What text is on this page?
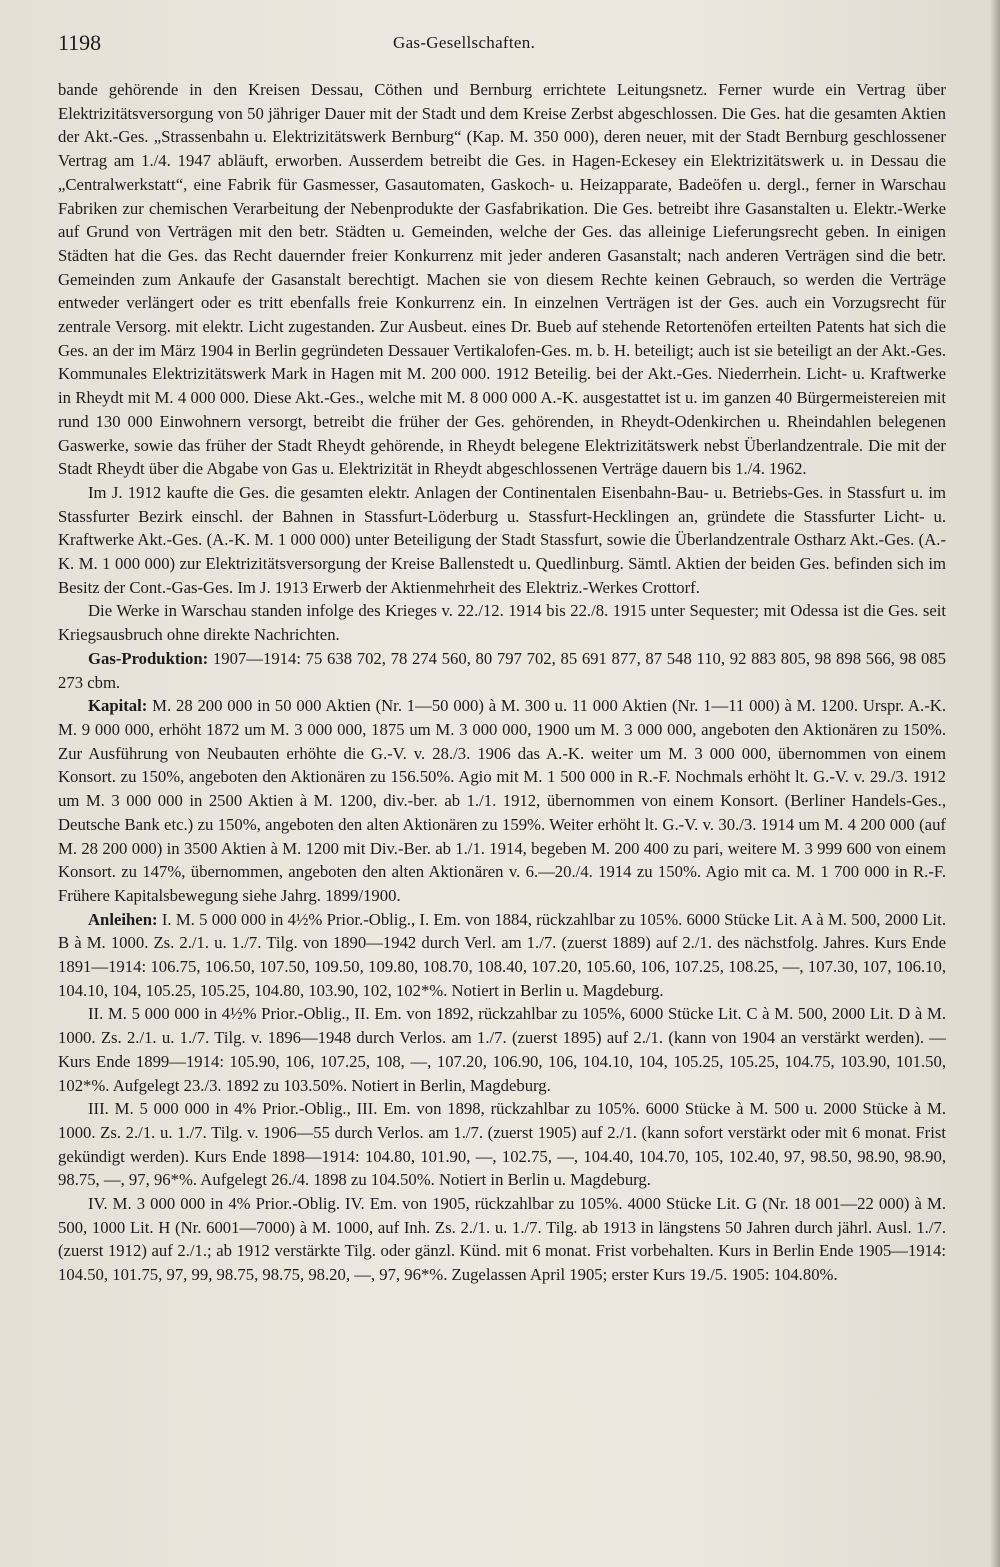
1198	Gas-Gesellschaften.

bande gehörende in den Kreisen Dessau, Cöthen und Bernburg errichtete Leitungsnetz. Ferner wurde ein Vertrag über Elektrizitätsversorgung von 50 jähriger Dauer mit der Stadt und dem Kreise Zerbst abgeschlossen. Die Ges. hat die gesamten Aktien der Akt.-Ges. „Strassenbahn u. Elektrizitätswerk Bernburg“ (Kap. M. 350 000), deren neuer, mit der Stadt Bernburg geschlossener Vertrag am 1./4. 1947 abläuft, erworben. Ausserdem betreibt die Ges. in Hagen-Eckesey ein Elektrizitätswerk u. in Dessau die „Centralwerkstatt“, eine Fabrik für Gasmesser, Gasautomaten, Gaskoch- u. Heizapparate, Badeöfen u. dergl., ferner in Warschau Fabriken zur chemischen Verarbeitung der Nebenprodukte der Gasfabrikation. Die Ges. betreibt ihre Gasanstalten u. Elektr.-Werke auf Grund von Verträgen mit den betr. Städten u. Gemeinden, welche der Ges. das alleinige Lieferungsrecht geben. In einigen Städten hat die Ges. das Recht dauernder freier Konkurrenz mit jeder anderen Gasanstalt; nach anderen Verträgen sind die betr. Gemeinden zum Ankaufe der Gasanstalt berechtigt. Machen sie von diesem Rechte keinen Gebrauch, so werden die Verträge entweder verlängert oder es tritt ebenfalls freie Konkurrenz ein. In einzelnen Verträgen ist der Ges. auch ein Vorzugsrecht für zentrale Versorg. mit elektr. Licht zugestanden. Zur Ausbeut. eines Dr. Bueb auf stehende Retortenöfen erteilten Patents hat sich die Ges. an der im März 1904 in Berlin gegründeten Dessauer Vertikalofen-Ges. m. b. H. beteiligt; auch ist sie beteiligt an der Akt.-Ges. Kommunales Elektrizitätswerk Mark in Hagen mit M. 200 000. 1912 Beteilig. bei der Akt.-Ges. Niederrhein. Licht- u. Kraftwerke in Rheydt mit M. 4 000 000. Diese Akt.-Ges., welche mit M. 8 000 000 A.-K. ausgestattet ist u. im ganzen 40 Bürgermeistereien mit rund 130 000 Einwohnern versorgt, betreibt die früher der Ges. gehörenden, in Rheydt-Odenkirchen u. Rheindahlen belegenen Gaswerke, sowie das früher der Stadt Rheydt gehörende, in Rheydt belegene Elektrizitätswerk nebst Überlandzentrale. Die mit der Stadt Rheydt über die Abgabe von Gas u. Elektrizität in Rheydt abgeschlossenen Verträge dauern bis 1./4. 1962.

Im J. 1912 kaufte die Ges. die gesamten elektr. Anlagen der Continentalen Eisenbahn-Bau- u. Betriebs-Ges. in Stassfurt u. im Stassfurter Bezirk einschl. der Bahnen in Stassfurt-Löderburg u. Stassfurt-Hecklingen an, gründete die Stassfurter Licht- u. Kraftwerke Akt.-Ges. (A.-K. M. 1 000 000) unter Beteiligung der Stadt Stassfurt, sowie die Überlandzentrale Ostharz Akt.-Ges. (A.-K. M. 1 000 000) zur Elektrizitätsversorgung der Kreise Ballenstedt u. Quedlinburg. Sämtl. Aktien der beiden Ges. befinden sich im Besitz der Cont.-Gas-Ges. Im J. 1913 Erwerb der Aktienmehrheit des Elektriz.-Werkes Crottorf.

Die Werke in Warschau standen infolge des Krieges v. 22./12. 1914 bis 22./8. 1915 unter Sequester; mit Odessa ist die Ges. seit Kriegsausbruch ohne direkte Nachrichten.

Gas-Produktion: 1907—1914: 75 638 702, 78 274 560, 80 797 702, 85 691 877, 87 548 110, 92 883 805, 98 898 566, 98 085 273 cbm.

Kapital: M. 28 200 000 in 50 000 Aktien (Nr. 1—50 000) à M. 300 u. 11 000 Aktien (Nr. 1—11 000) à M. 1200. Urspr. A.-K. M. 9 000 000, erhöht 1872 um M. 3 000 000, 1875 um M. 3 000 000, 1900 um M. 3 000 000, angeboten den Aktionären zu 150%. Zur Ausführung von Neubauten erhöhte die G.-V. v. 28./3. 1906 das A.-K. weiter um M. 3 000 000, übernommen von einem Konsort. zu 150%, angeboten den Aktionären zu 156.50%. Agio mit M. 1 500 000 in R.-F. Nochmals erhöht lt. G.-V. v. 29./3. 1912 um M. 3 000 000 in 2500 Aktien à M. 1200, div.-ber. ab 1./1. 1912, übernommen von einem Konsort. (Berliner Handels-Ges., Deutsche Bank etc.) zu 150%, angeboten den alten Aktionären zu 159%. Weiter erhöht lt. G.-V. v. 30./3. 1914 um M. 4 200 000 (auf M. 28 200 000) in 3500 Aktien à M. 1200 mit Div.-Ber. ab 1./1. 1914, begeben M. 200 400 zu pari, weitere M. 3 999 600 von einem Konsort. zu 147%, übernommen, angeboten den alten Aktionären v. 6.—20./4. 1914 zu 150%. Agio mit ca. M. 1 700 000 in R.-F. Frühere Kapitalsbewegung siehe Jahrg. 1899/1900.

Anleihen: I. M. 5 000 000 in 4½% Prior.-Oblig., I. Em. von 1884, rückzahlbar zu 105%. 6000 Stücke Lit. A à M. 500, 2000 Lit. B à M. 1000. Zs. 2./1. u. 1./7. Tilg. von 1890—1942 durch Verl. am 1./7. (zuerst 1889) auf 2./1. des nächstfolg. Jahres. Kurs Ende 1891—1914: 106.75, 106.50, 107.50, 109.50, 109.80, 108.70, 108.40, 107.20, 105.60, 106, 107.25, 108.25, —, 107.30, 107, 106.10, 104.10, 104, 105.25, 105.25, 104.80, 103.90, 102, 102*%. Notiert in Berlin u. Magdeburg.

II. M. 5 000 000 in 4½% Prior.-Oblig., II. Em. von 1892, rückzahlbar zu 105%, 6000 Stücke Lit. C à M. 500, 2000 Lit. D à M. 1000. Zs. 2./1. u. 1./7. Tilg. v. 1896—1948 durch Verlos. am 1./7. (zuerst 1895) auf 2./1. (kann von 1904 an verstärkt werden). — Kurs Ende 1899—1914: 105.90, 106, 107.25, 108, —, 107.20, 106.90, 106, 104.10, 104, 105.25, 105.25, 104.75, 103.90, 101.50, 102*%. Aufgelegt 23./3. 1892 zu 103.50%. Notiert in Berlin, Magdeburg.

III. M. 5 000 000 in 4% Prior.-Oblig., III. Em. von 1898, rückzahlbar zu 105%. 6000 Stücke à M. 500 u. 2000 Stücke à M. 1000. Zs. 2./1. u. 1./7. Tilg. v. 1906—55 durch Verlos. am 1./7. (zuerst 1905) auf 2./1. (kann sofort verstärkt oder mit 6 monat. Frist gekündigt werden). Kurs Ende 1898—1914: 104.80, 101.90, —, 102.75, —, 104.40, 104.70, 105, 102.40, 97, 98.50, 98.90, 98.90, 98.75, —, 97, 96*%. Aufgelegt 26./4. 1898 zu 104.50%. Notiert in Berlin u. Magdeburg.

IV. M. 3 000 000 in 4% Prior.-Oblig. IV. Em. von 1905, rückzahlbar zu 105%. 4000 Stücke Lit. G (Nr. 18 001—22 000) à M. 500, 1000 Lit. H (Nr. 6001—7000) à M. 1000, auf Inh. Zs. 2./1. u. 1./7. Tilg. ab 1913 in längstens 50 Jahren durch jährl. Ausl. 1./7. (zuerst 1912) auf 2./1.; ab 1912 verstärkte Tilg. oder gänzl. Künd. mit 6 monat. Frist vorbehalten. Kurs in Berlin Ende 1905—1914: 104.50, 101.75, 97, 99, 98.75, 98.75, 98.20, —, 97, 96*%. Zugelassen April 1905; erster Kurs 19./5. 1905: 104.80%.
